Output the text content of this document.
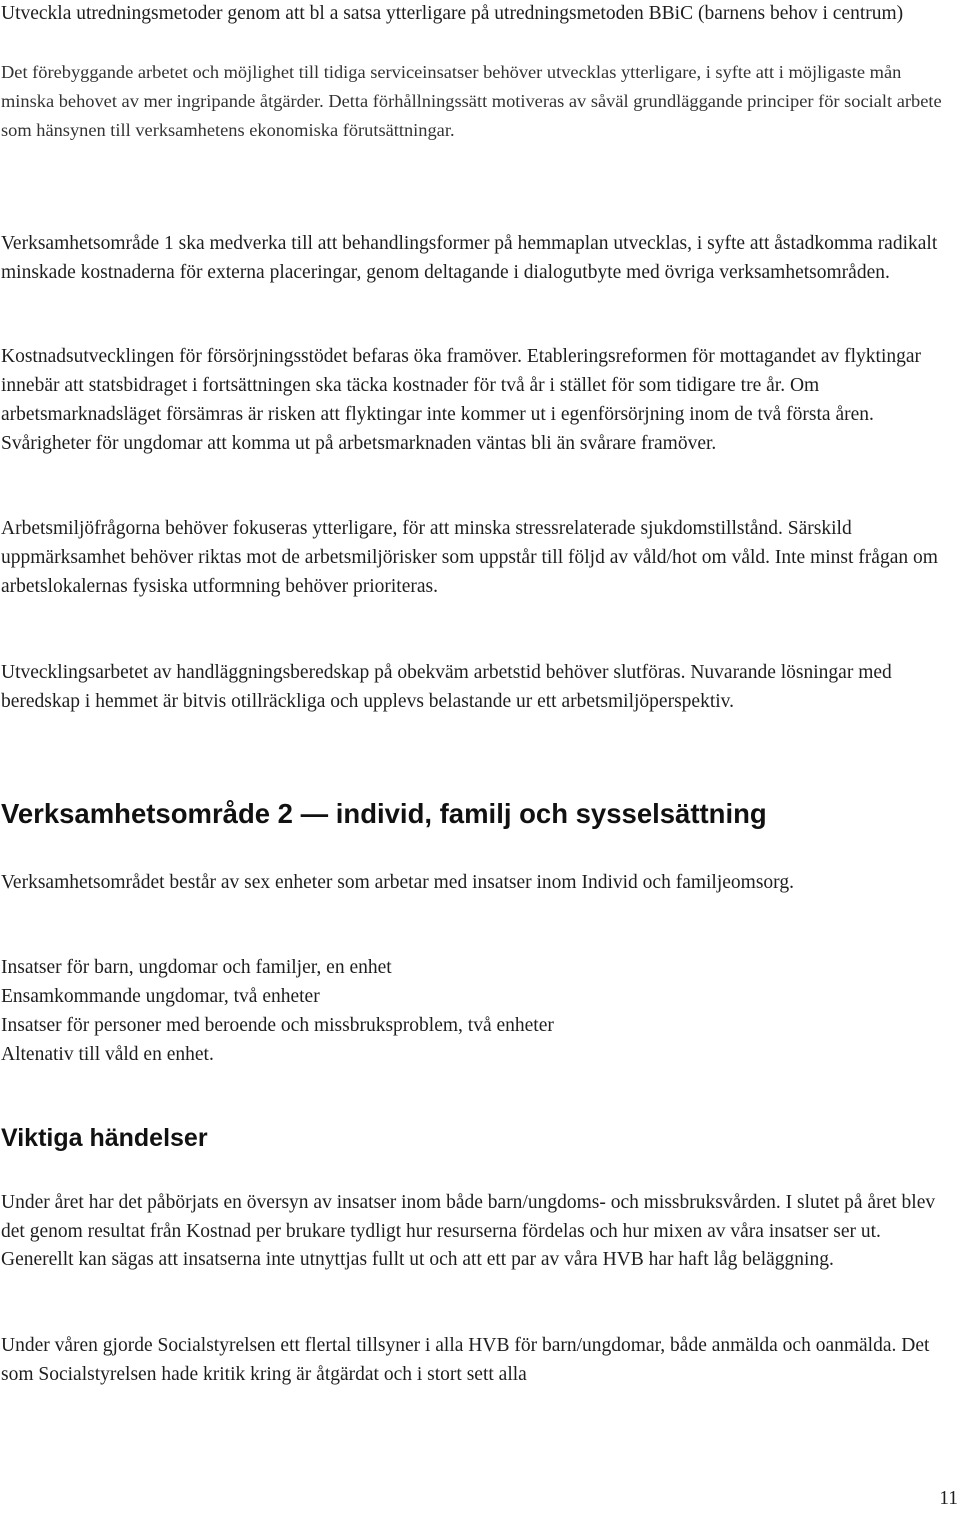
Utveckla utredningsmetoder genom att bl a satsa ytterligare på utredningsmetoden BBiC (barnens behov i centrum)

Det förebyggande arbetet och möjlighet till tidiga serviceinsatser behöver utvecklas ytterligare, i syfte att i möjligaste mån minska behovet av mer ingripande åtgärder. Detta förhållningssätt motiveras av såväl grundläggande principer för socialt arbete som hänsynen till verksamhetens ekonomiska förutsättningar.

Verksamhetsområde 1 ska medverka till att behandlingsformer på hemmaplan utvecklas, i syfte att åstadkomma radikalt minskade kostnaderna för externa placeringar, genom deltagande i dialogutbyte med övriga verksamhetsområden.

Kostnadsutvecklingen för försörjningsstödet befaras öka framöver. Etableringsreformen för mottagandet av flyktingar innebär att statsbidraget i fortsättningen ska täcka kostnader för två år i stället för som tidigare tre år. Om arbetsmarknadsläget försämras är risken att flyktingar inte kommer ut i egenförsörjning inom de två första åren. Svårigheter för ungdomar att komma ut på arbetsmarknaden väntas bli än svårare framöver.

Arbetsmiljöfrågorna behöver fokuseras ytterligare, för att minska stressrelaterade sjukdomstillstånd. Särskild uppmärksamhet behöver riktas mot de arbetsmiljörisker som uppstår till följd av våld/hot om våld. Inte minst frågan om arbetslokalernas fysiska utformning behöver prioriteras.

Utvecklingsarbetet av handläggningsberedskap på obekväm arbetstid behöver slutföras. Nuvarande lösningar med beredskap i hemmet är bitvis otillräckliga och upplevs belastande ur ett arbetsmiljöperspektiv.

Verksamhetsområde 2 — individ, familj och sysselsättning

Verksamhetsområdet består av sex enheter som arbetar med insatser inom Individ och familjeomsorg.

Insatser för barn, ungdomar och familjer, en enhet
Ensamkommande ungdomar, två enheter
Insatser för personer med beroende och missbruksproblem, två enheter
Altenativ till våld en enhet.
Viktiga händelser

Under året har det påbörjats en översyn av insatser inom både barn/ungdoms- och missbruksvården. I slutet på året blev det genom resultat från Kostnad per brukare tydligt hur resurserna fördelas och hur mixen av våra insatser ser ut. Generellt kan sägas att insatserna inte utnyttjas fullt ut och att ett par av våra HVB har haft låg beläggning.

Under våren gjorde Socialstyrelsen ett flertal tillsyner i alla HVB för barn/ungdomar, både anmälda och oanmälda. Det som Socialstyrelsen hade kritik kring är åtgärdat och i stort sett alla

11
